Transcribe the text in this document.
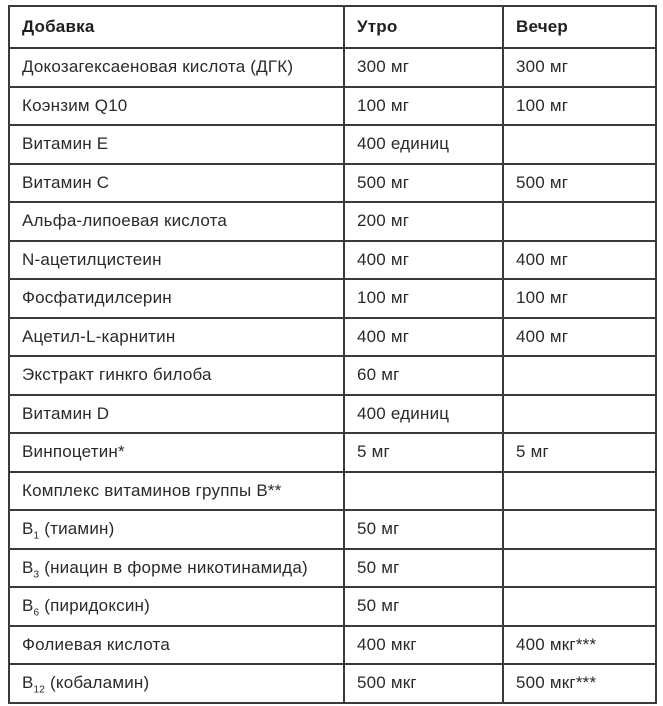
Добавка	Утро	Вечер
Докозагексаеновая кислота (ДГК)	300 мг	300 мг
Коэнзим Q10	100 мг	100 мг
Витамин E	400 единиц	
Витамин C	500 мг	500 мг
Альфа-липоевая кислота	200 мг	
N-ацетилцистеин	400 мг	400 мг
Фосфатидилсерин	100 мг	100 мг
Ацетил-L-карнитин	400 мг	400 мг
Экстракт гинкго билоба	60 мг	
Витамин D	400 единиц	
Винпоцетин*	5 мг	5 мг
Комплекс витаминов группы B**		
$B_1$ (тиамин)	50 мг	
$B_3$ (ниацин в форме никотинамида)	50 мг	
$B_6$ (пиридоксин)	50 мг	
Фолиевая кислота	400 мкг	400 мкг***
$B_{12}$ (кобаламин)	500 мкг	500 мкг***
